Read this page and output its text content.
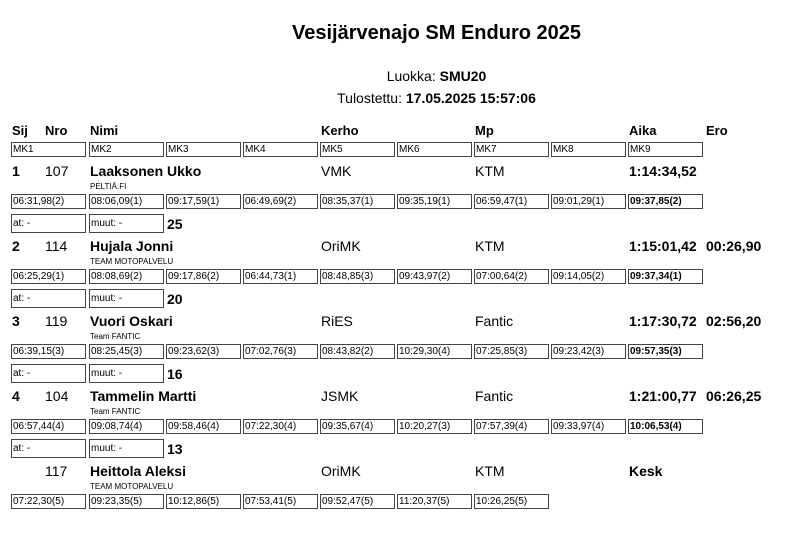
Vesijärvenajo SM Enduro 2025
Luokka: SMU20
Tulostettu: 17.05.2025 15:57:06
Sij Nro Nimi	Kerho	Mp	Aika	Ero
MK1	MK2	MK3	MK4	MK5	MK6	MK7	MK8	MK9
1 107 Laaksonen Ukko
PELTIÄ.FI
VMK	KTM	1:14:34,52
06:31,98(2)	08:06,09(1)	09:17,59(1)	06:49,69(2)	08:35,37(1)	09:35,19(1)	06:59,47(1)	09:01,29(1)	09:37,85(2)
at: -	muut: -	25
2 114 Hujala Jonni
TEAM MOTOPALVELU
OriMK	KTM	1:15:01,42 00:26,90
06:25,29(1)	08:08,69(2)	09:17,86(2)	06:44,73(1)	08:48,85(3)	09:43,97(2)	07:00,64(2)	09:14,05(2)	09:37,34(1)
at: -	muut: -	20
3 119 Vuori Oskari
Team FANTIC
RiES	Fantic	1:17:30,72 02:56,20
06:39,15(3)	08:25,45(3)	09:23,62(3)	07:02,76(3)	08:43,82(2)	10:29,30(4)	07:25,85(3)	09:23,42(3)	09:57,35(3)
at: -	muut: -	16
4 104 Tammelin Martti
Team FANTIC
JSMK	Fantic	1:21:00,77 06:26,25
06:57,44(4)	09:08,74(4)	09:58,46(4)	07:22,30(4)	09:35,67(4)	10:20,27(3)	07:57,39(4)	09:33,97(4)	10:06,53(4)
at: -	muut: -	13
117 Heittola Aleksi
TEAM MOTOPALVELU
OriMK	KTM	Kesk
07:22,30(5)	09:23,35(5)	10:12,86(5)	07:53,41(5)	09:52,47(5)	11:20,37(5)	10:26,25(5)
